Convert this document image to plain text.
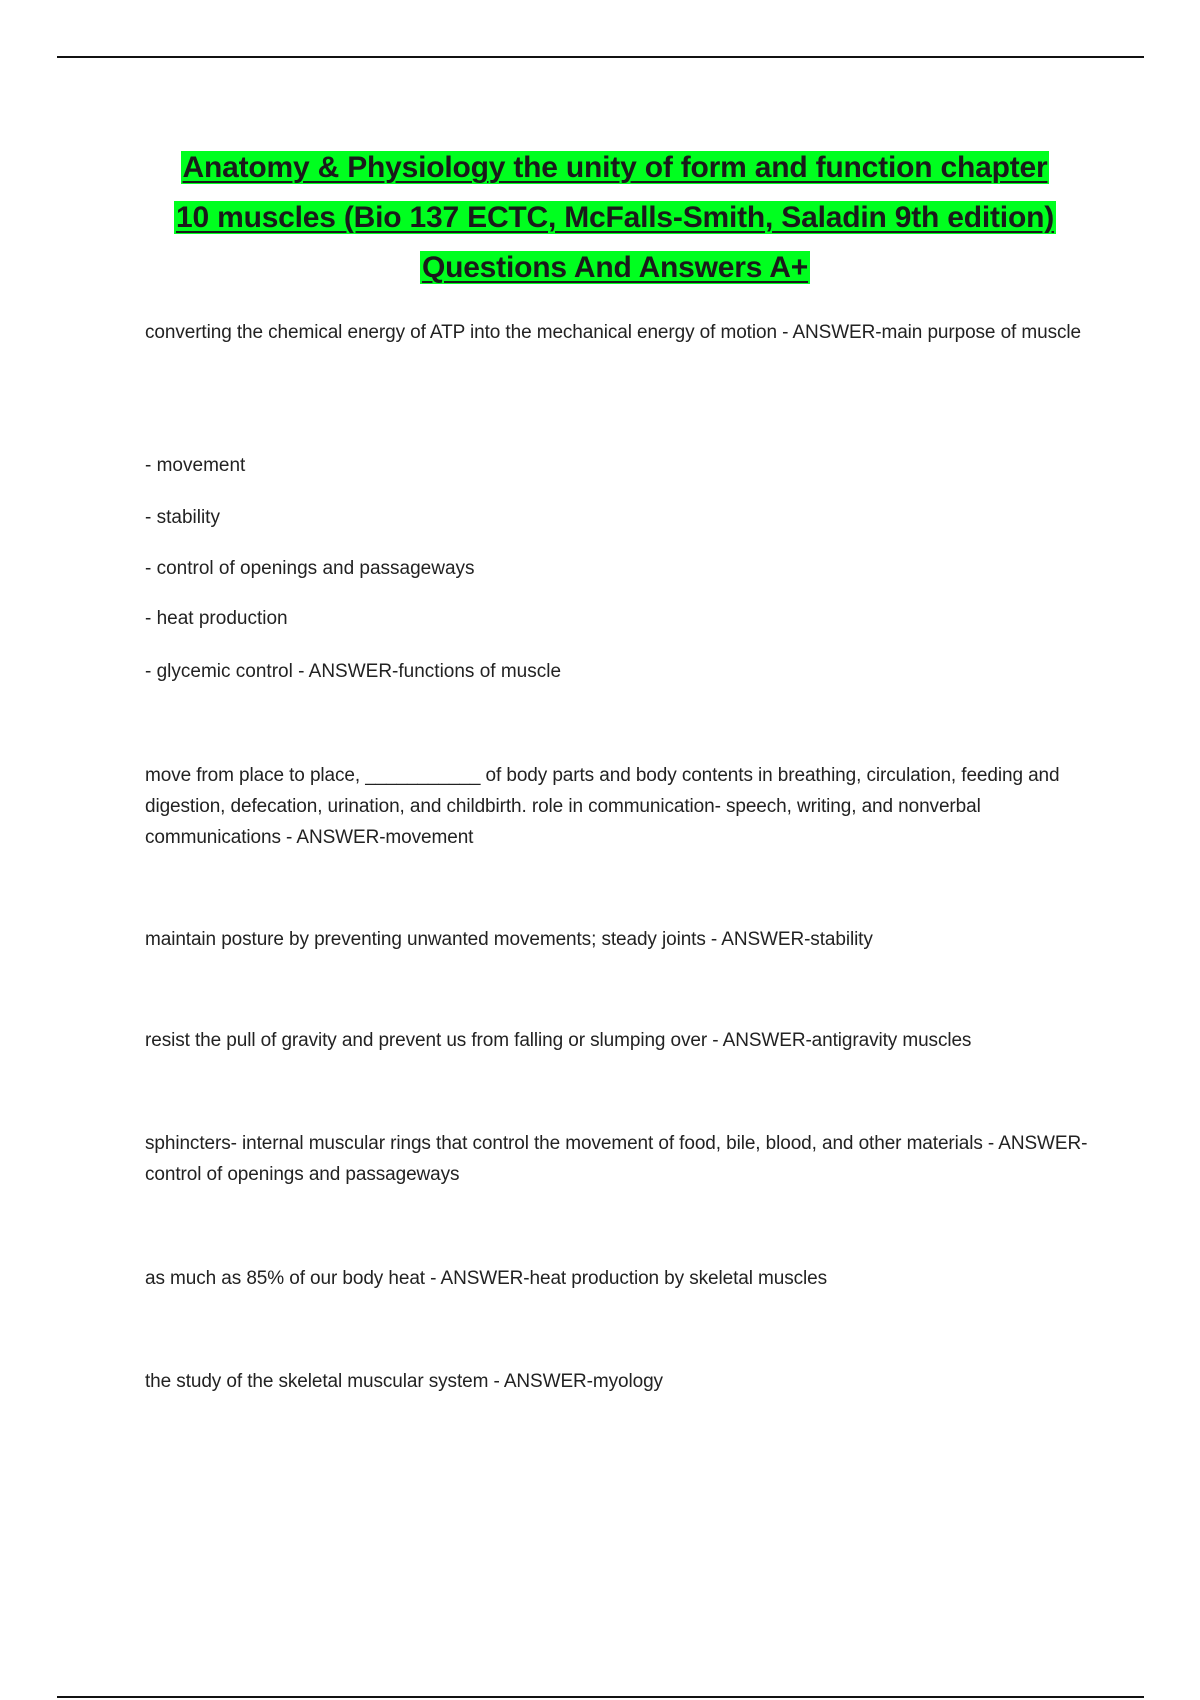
Anatomy & Physiology the unity of form and function chapter
10 muscles (Bio 137 ECTC, McFalls-Smith, Saladin 9th edition)
Questions And Answers A+

converting the chemical energy of ATP into the mechanical energy of motion - ANSWER-main purpose of muscle

- movement

- stability

- control of openings and passageways

- heat production

- glycemic control - ANSWER-functions of muscle

move from place to place, ___________ of body parts and body contents in breathing, circulation, feeding and digestion, defecation, urination, and childbirth. role in communication- speech, writing, and nonverbal communications - ANSWER-movement

maintain posture by preventing unwanted movements; steady joints - ANSWER-stability

resist the pull of gravity and prevent us from falling or slumping over - ANSWER-antigravity muscles

sphincters- internal muscular rings that control the movement of food, bile, blood, and other materials - ANSWER-control of openings and passageways

as much as 85% of our body heat - ANSWER-heat production by skeletal muscles

the study of the skeletal muscular system - ANSWER-myology
